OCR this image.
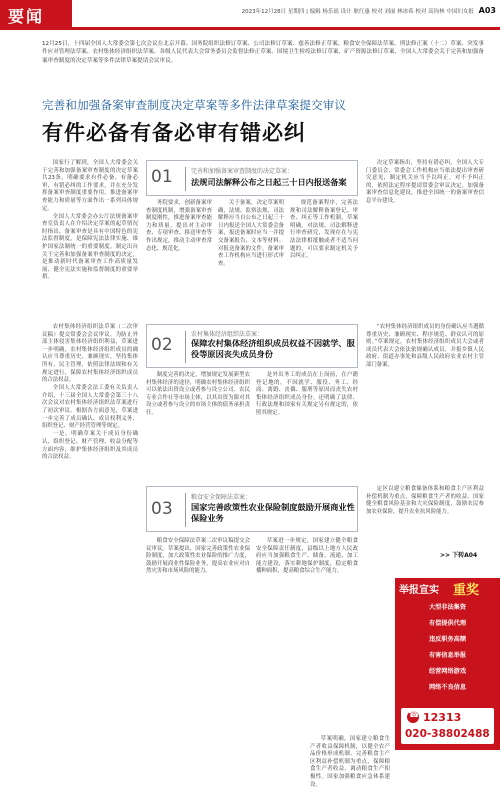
要闻	2023年12月28日 星期四 | 编辑 杨乐瑶 设计 耿红惠 校对 刘丽 林冰希 校对 高钧林 中国妇女报 A03
12月25日，十四届全国人大常委会第七次会议在北京开幕。国务院组织法修订草案、公司法修订草案、慈善法修正草案、粮食安全保障法草案、刑法修正案（十二）草案、突发事件应对管理法草案、农村集体经济组织法草案、各级人民代表大会常务委员会监督法修正草案、国境卫生检疫法修订草案、矿产资源法修订草案、全国人大常委会关于完善和加强备案审查制度的决定草案等多件法律草案提请会议审议。
完善和加强备案审查制度决定草案等多件法律草案提交审议
有件必备有备必审有错必纠

国家行了解到，全国人大常委会关于完善和加强备案审查制度的决定草案共23条，明确要求有件必备、有备必审、有错必纠的工作要求，并在充分发挥备案审查制度重要作用，推进备案审查能力和质量等方面作出一系列具体规定。

全国人大常委会办公厅法规备案审查室负责人在介绍决定草案的起草情况时指出，备案审查是具有中国特色的宪法监督制度，是保障宪法法律实施、维护国家法制统一的重要制度。制定出台关于完善和加强备案审查制度的决定，是推动新时代备案审查工作高质量发展、健全宪法实施和监督制度的重要举措。

01	完善和加强备案审查制度的决定草案：
法规司法解释公布之日起三十日内报送备案

务院要求，创新备案审查制度机制，增强备案审查制度刚性，推进备案审查能力和质量。提出对主动审查、专项审查、移送审查等作出规定，推动主动审查常态化、规范化。

关于备案，决定草案明确，法规、监察法规、司法解释应当自公布之日起三十日内报送全国人大常委会备案，报送备案时应当一并提交备案报告、文本等材料。对报送备案的文件，备案审查工作机构应当进行形式审查。

规范备案程序，完善法规和司法解释备案登记、审查、纠正等工作机制。草案明确，对法规、司法解释进行审查研究，发现存在与宪法法律相抵触或者不适当问题的，可以要求制定机关予以纠正。

决定草案指出，坚持有错必纠，全国人大专门委员会、常委会工作机构应当依法提出审查研究意见，制定机关应当予以纠正。对不予纠正的，依照法定程序提请常委会审议决定。加强备案审查信息化建设，推进全国统一的备案审查信息平台建设。

农村集体经济组织法草案（二次审议稿）提交常委会会议审议，为防止外部主体侵害集体经济组织利益，草案进一步明确，农村集体经济组织成员的确认应当尊重历史、兼顾现实，坚持集体所有、民主管理，依照法律法规和有关规定进行，保障农村集体经济组织成员的合法权益。

全国人大常委会法工委有关负责人介绍，十三届全国人大常委会第三十八次会议对农村集体经济组织法草案进行了初次审议。根据各方面意见，草案进一步完善了成员确认、成员权利义务、组织登记、财产经营管理等规定。

一是，明确草案关于成员身份确认、组织登记、财产管理、收益分配等方面内容，维护集体经济组织及其成员的合法权益。

02
农村集体经济组织法草案：
保障农村集体经济组织成员权益不因就学、服役等原因丧失成员身份

制度完善的决定，增加规定发展新型农村集体经济的途径，明确农村集体经济组织可以依法出资设立或者参与设立公司、农民专业合作社等市场主体，以其出资为限对其设立或者参与设立的市场主体的债务承担责任。

是外出务工的成员在上岗前，在户籍登记地的，不因就学、服役、务工、经商、离婚、丧偶、服刑等原因而丧失农村集体经济组织成员身份。还明确了法律、行政法规和国家有关规定另有规定的，依照其规定。

“农村集体经济组织成员的身份确认应当遵循尊重历史、兼顾现实、程序规范、群众认可的原则。”草案规定，农村集体经济组织成员大会或者成员代表大会依法依规确认成员，并报乡镇人民政府、街道办事处和县级人民政府农业农村主管部门备案。

03
粮食安全保障法草案：
国家完善政策性农业保险制度鼓励开展商业性保险业务

粮食安全保障法草案二次审议稿提交会议审议。草案提出，国家完善政策性农业保险制度，加大政策性农业保险的推广力度，鼓励开展商业性保险业务，提高农业应对自然灾害和市场风险的能力。

草案进一步规定，国家建立健全粮食安全保障责任制度，县级以上地方人民政府应当加强粮食生产、储备、流通、加工能力建设，落实耕地保护制度，稳定粮食播种面积，提高粮食综合生产能力。

草案明确，国家建立粮食生产者收益保障机制，以健全农产品价格形成机制、完善粮食主产区利益补偿机制为重点，保障粮食生产者收益，调动粮食生产积极性。国家加强粮食应急体系建设。

定区以建立粮食储备体系和粮食主产区利益补偿机制为重点，保障粮食生产者的收益。国家健全粮食风险基金和大灾保险制度，鼓励农民参加农业保险，提升农业抗风险能力。

>> 下转A04
举报宣实 重奖
大型非法集资
有偿提供代理
违反职务高额
有害信息举报
经营网络游戏
网络不良信息
☎
12313
020-38802488
